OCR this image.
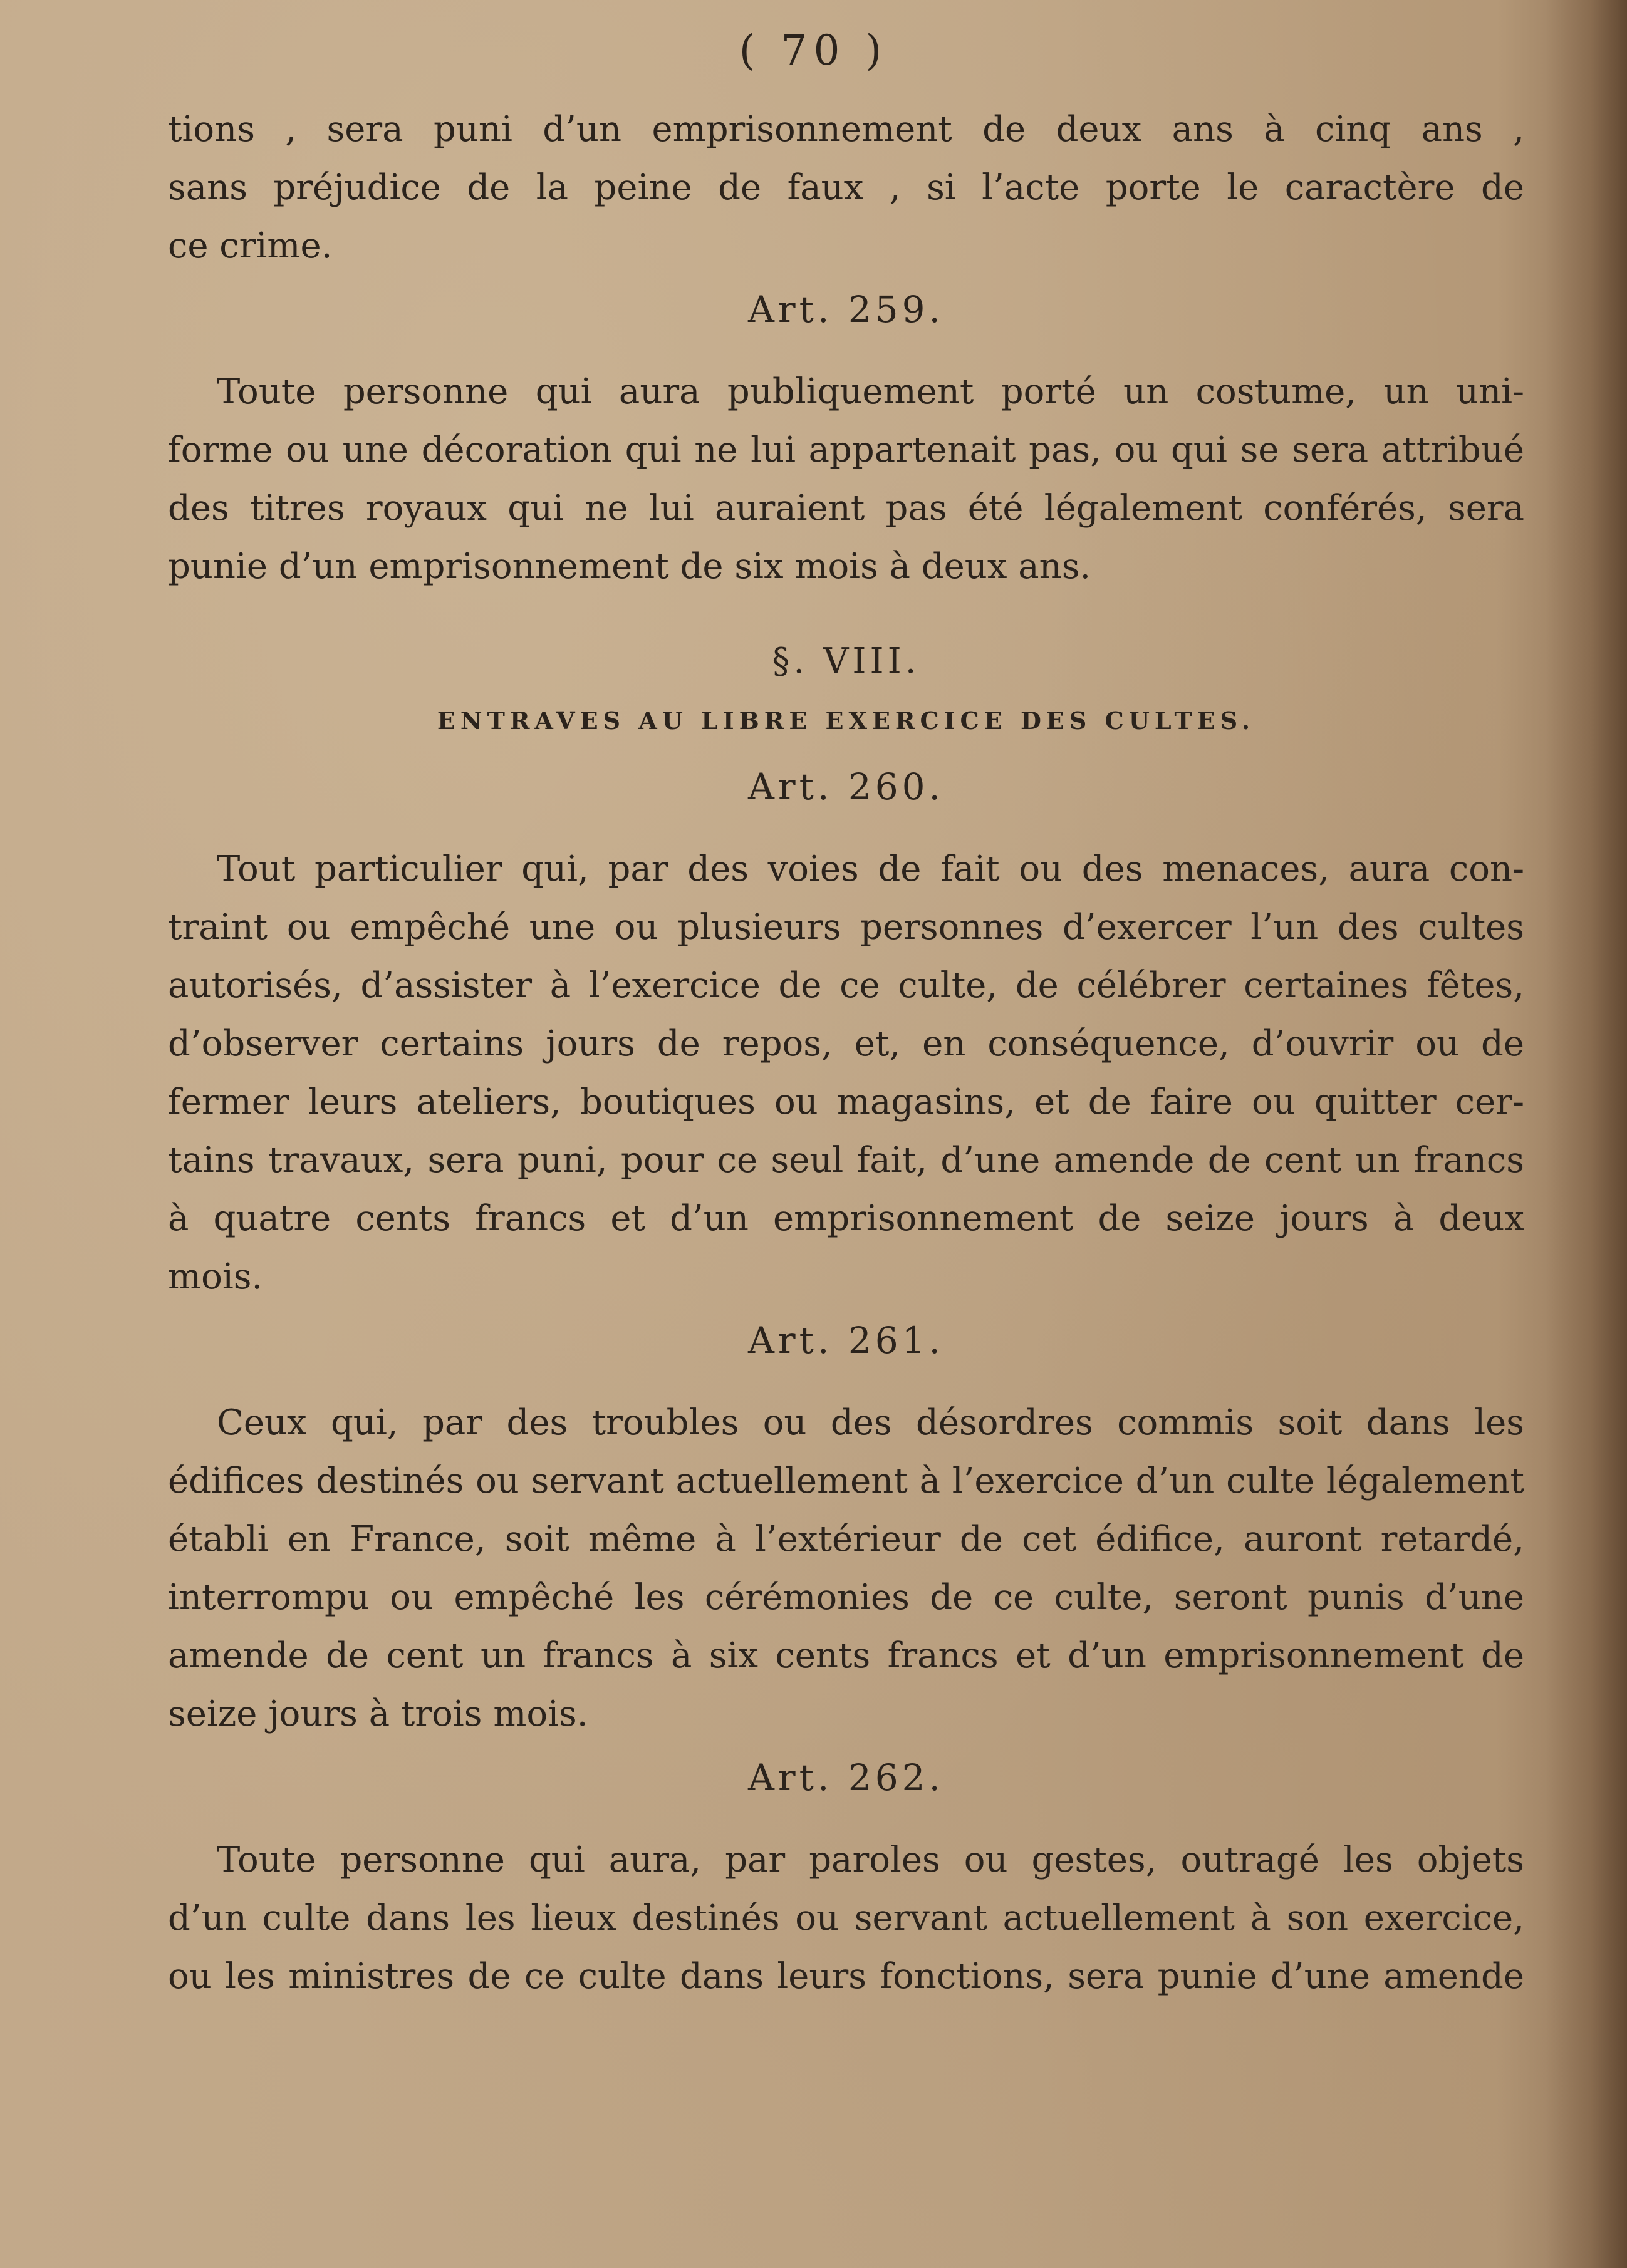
( 70 )
tions , sera puni d’un emprisonnement de deux ans à cinq ans ,
sans préjudice de la peine de faux , si l’acte porte le caractère de
ce crime.
Art. 259.
Toute personne qui aura publiquement porté un costume, un uni-
forme ou une décoration qui ne lui appartenait pas, ou qui se sera attribué
des titres royaux qui ne lui auraient pas été légalement conférés, sera
punie d’un emprisonnement de six mois à deux ans.
§. VIII.
ENTRAVES AU LIBRE EXERCICE DES CULTES.
Art. 260.
Tout particulier qui, par des voies de fait ou des menaces, aura con-
traint ou empêché une ou plusieurs personnes d’exercer l’un des cultes
autorisés, d’assister à l’exercice de ce culte, de célébrer certaines fêtes,
d’observer certains jours de repos, et, en conséquence, d’ouvrir ou de
fermer leurs ateliers, boutiques ou magasins, et de faire ou quitter cer-
tains travaux, sera puni, pour ce seul fait, d’une amende de cent un francs
à quatre cents francs et d’un emprisonnement de seize jours à deux
mois.
Art. 261.
Ceux qui, par des troubles ou des désordres commis soit dans les
édifices destinés ou servant actuellement à l’exercice d’un culte légalement
établi en France, soit même à l’extérieur de cet édifice, auront retardé,
interrompu ou empêché les cérémonies de ce culte, seront punis d’une
amende de cent un francs à six cents francs et d’un emprisonnement de
seize jours à trois mois.
Art. 262.
Toute personne qui aura, par paroles ou gestes, outragé les objets
d’un culte dans les lieux destinés ou servant actuellement à son exercice,
ou les ministres de ce culte dans leurs fonctions, sera punie d’une amende
